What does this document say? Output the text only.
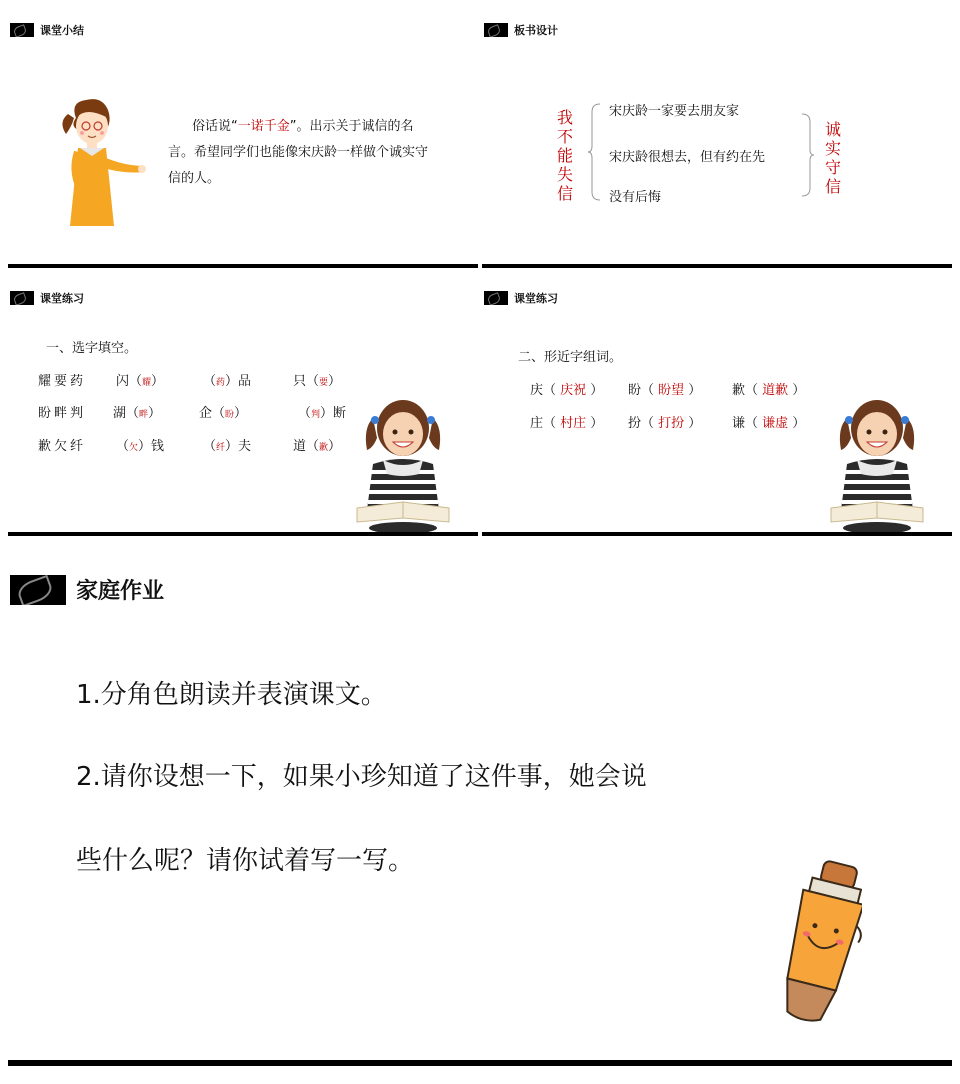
课堂小结
俗话说“一诺千金”。出示关于诚信的名言。希望同学们也能像宋庆龄一样做个诚实守信的人。
板书设计
我
不
能
失
信
宋庆龄一家要去朋友家
宋庆龄很想去，但有约在先
没有后悔
诚
实
守
信
课堂练习
一、选字填空。
耀要药 闪（耀）	（药）品	只（要）
盼畔判 湖（畔）	企（盼）	（判）断
歉欠纤 （欠）钱	（纤）夫	道（歉）
课堂练习
二、形近字组词。
庆（ 庆祝 ） 盼（ 盼望 ） 歉（ 道歉 ）
庄（ 村庄 ） 扮（ 打扮 ） 谦（ 谦虚 ）
家庭作业
1.分角色朗读并表演课文。
2.请你设想一下，如果小珍知道了这件事，她会说
些什么呢？请你试着写一写。
